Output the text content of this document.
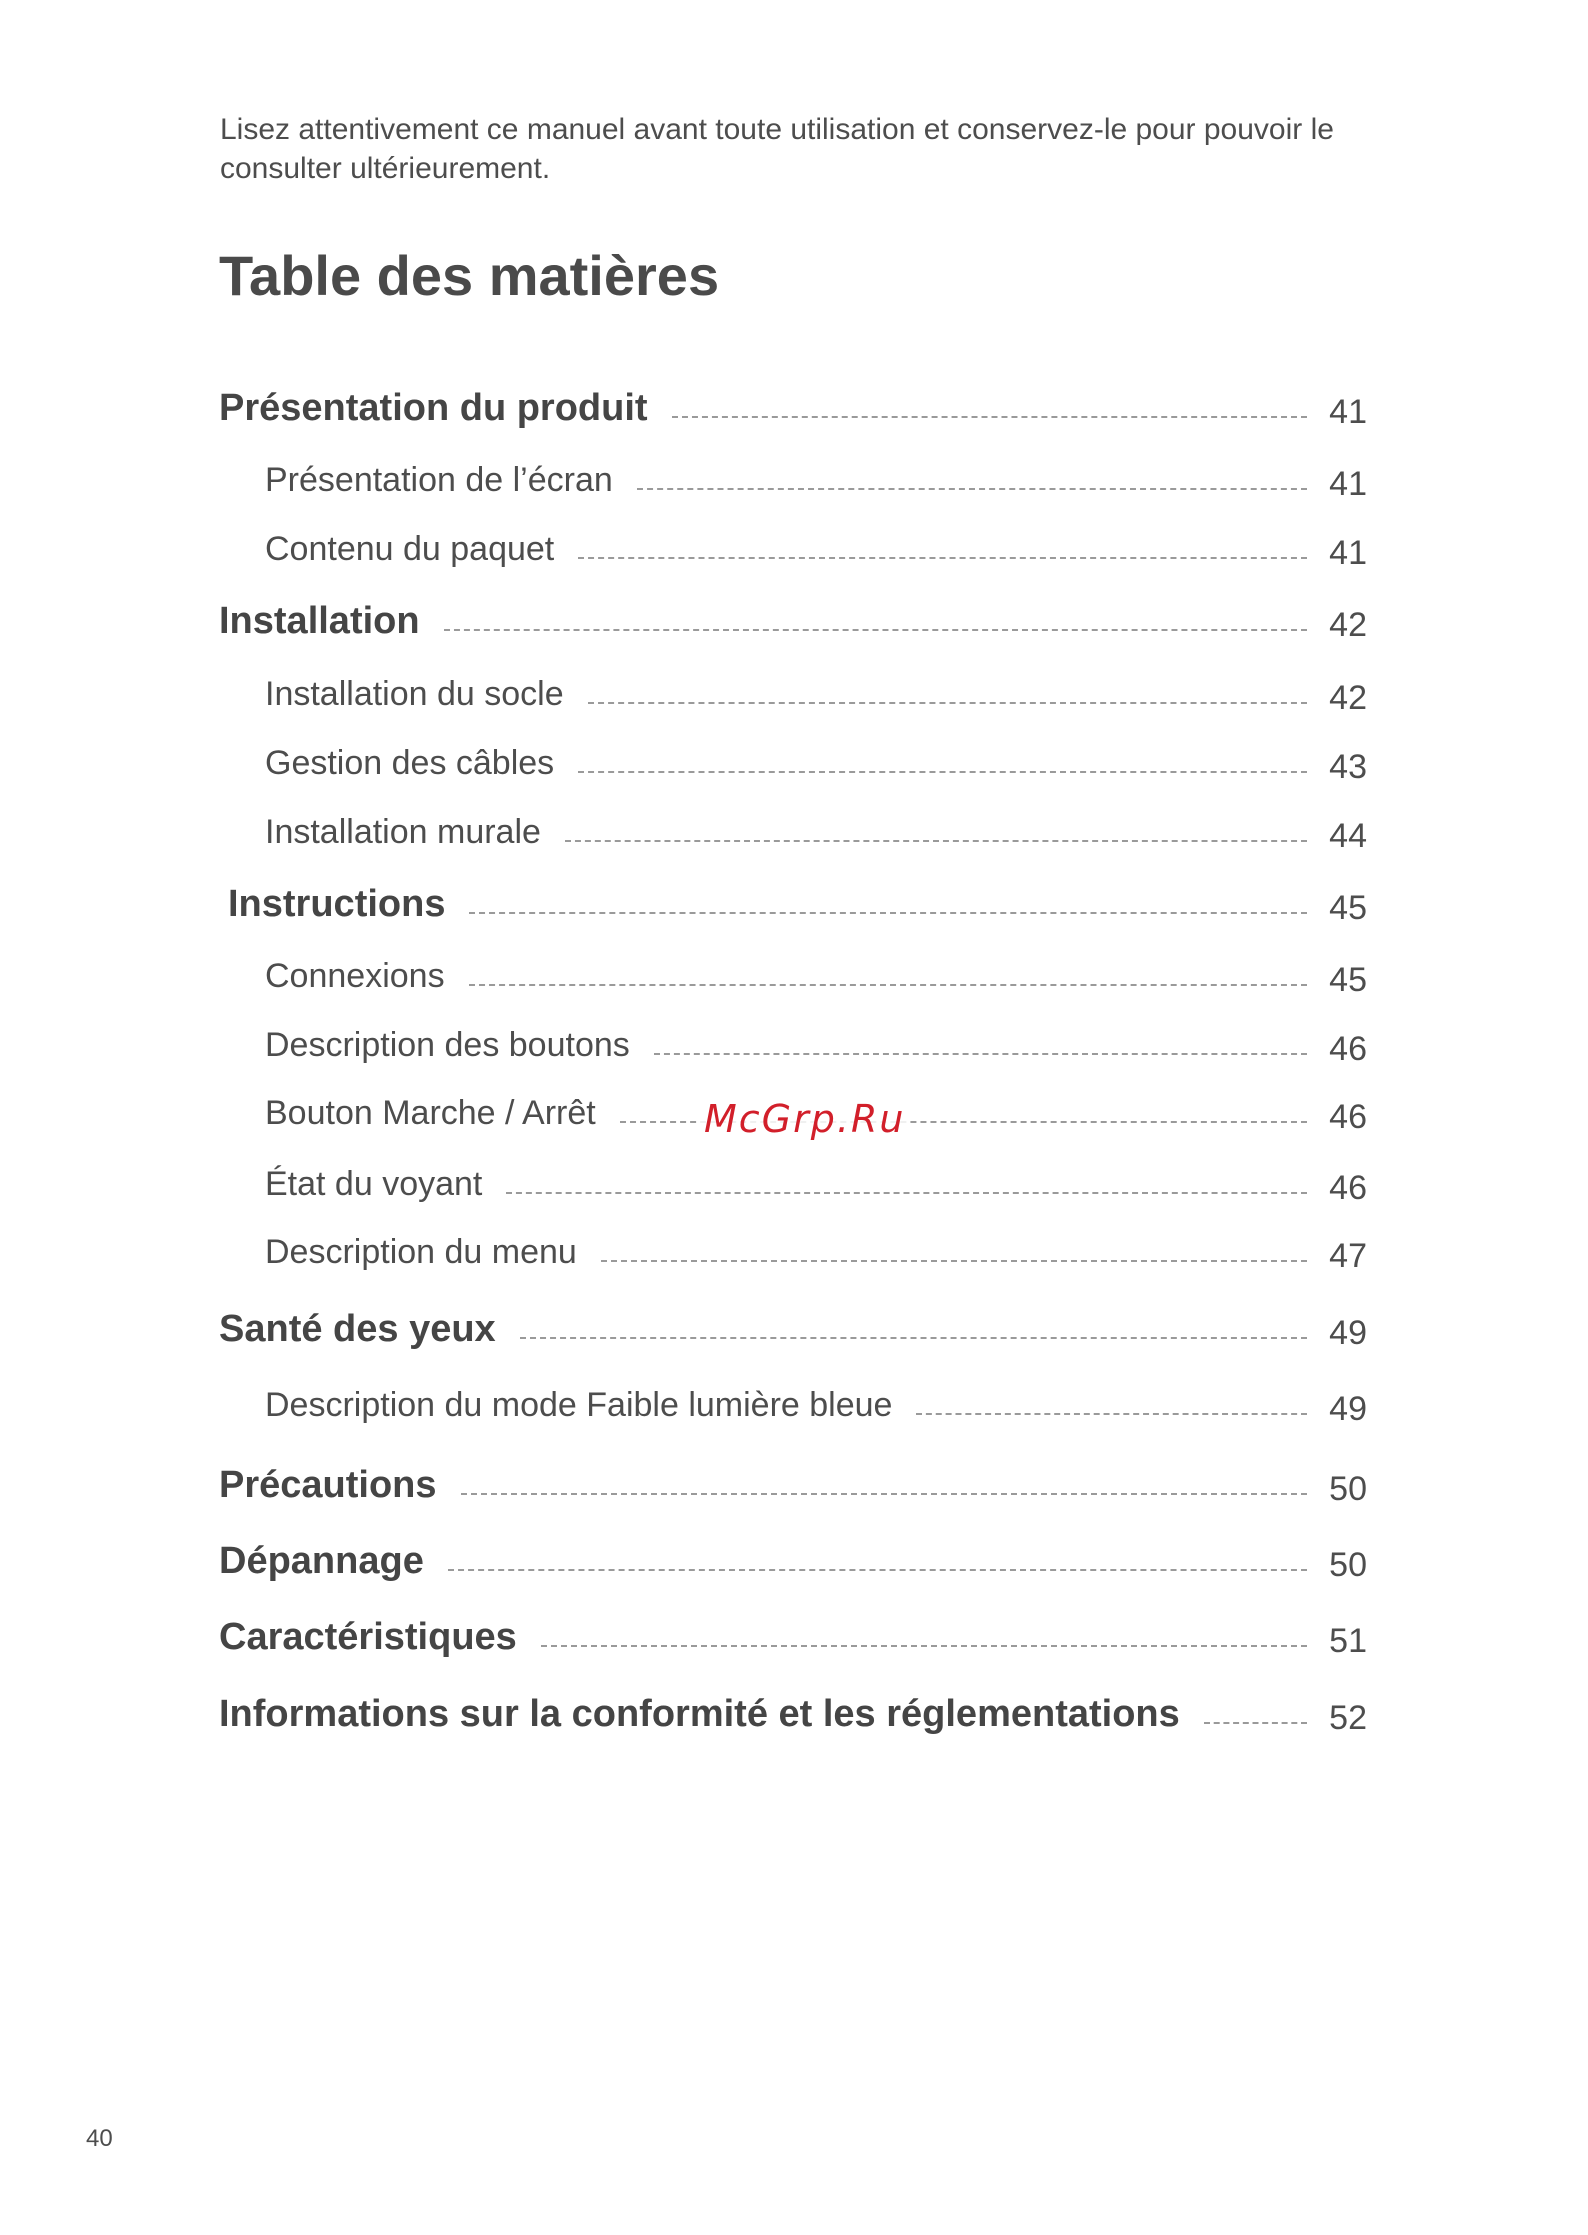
Lisez attentivement ce manuel avant toute utilisation et conservez-le pour pouvoir le consulter ultérieurement.

Table des matières
Présentation du produit	41
Présentation de l’écran	41
Contenu du paquet	41
Installation	42
Installation du socle	42
Gestion des câbles	43
Installation murale	44
Instructions	45
Connexions	45
Description des boutons	46
Bouton Marche / Arrêt	46
État du voyant	46
Description du menu	47
Santé des yeux	49
Description du mode Faible lumière bleue	49
Précautions	50
Dépannage	50
Caractéristiques	51
Informations sur la conformité et les réglementations	52
McGrp.Ru
40
